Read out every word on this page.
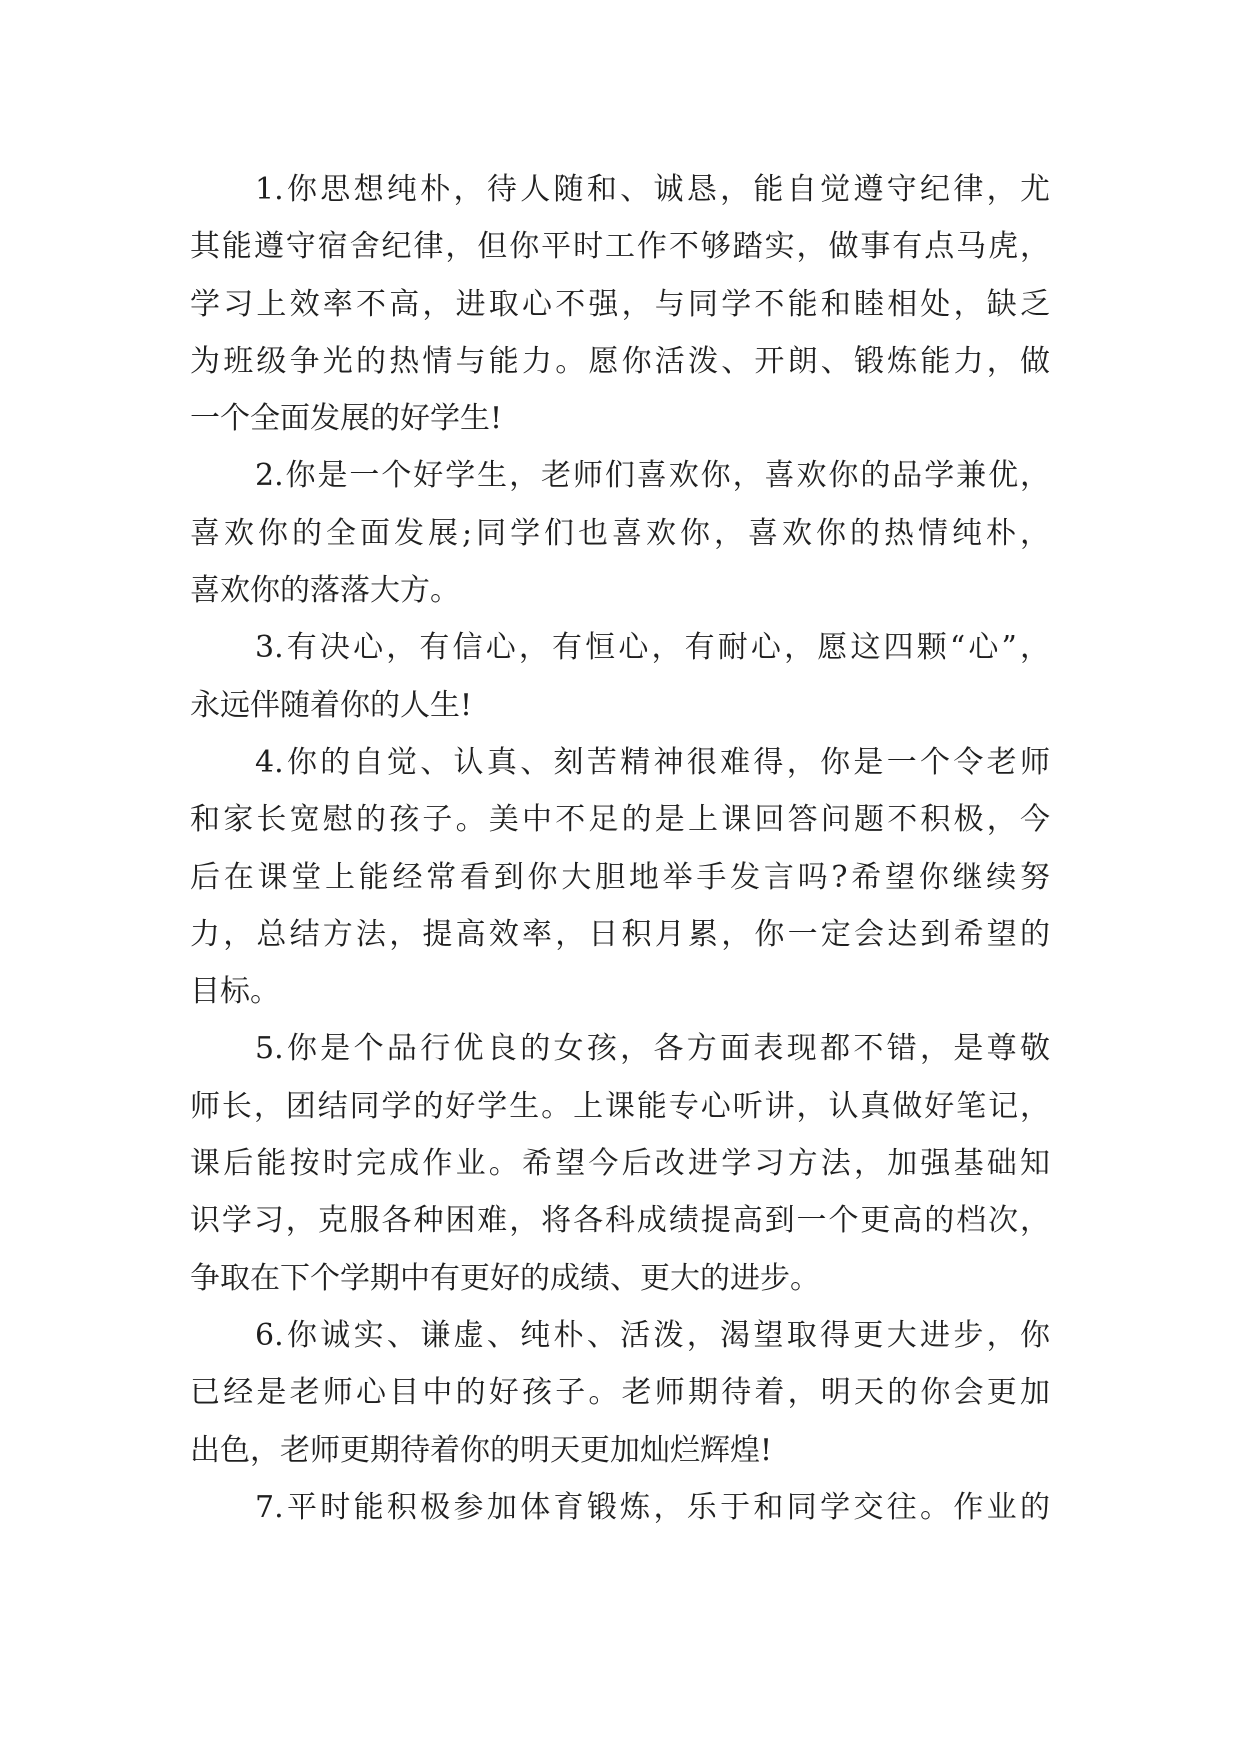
1.你思想纯朴，待人随和、诚恳，能自觉遵守纪律，尤
其能遵守宿舍纪律，但你平时工作不够踏实，做事有点马虎，
学习上效率不高，进取心不强，与同学不能和睦相处，缺乏
为班级争光的热情与能力。愿你活泼、开朗、锻炼能力，做
一个全面发展的好学生!
2.你是一个好学生，老师们喜欢你，喜欢你的品学兼优，
喜欢你的全面发展;同学们也喜欢你，喜欢你的热情纯朴，
喜欢你的落落大方。
3.有决心，有信心，有恒心，有耐心，愿这四颗“心”，
永远伴随着你的人生!
4.你的自觉、认真、刻苦精神很难得，你是一个令老师
和家长宽慰的孩子。美中不足的是上课回答问题不积极，今
后在课堂上能经常看到你大胆地举手发言吗?希望你继续努
力，总结方法，提高效率，日积月累，你一定会达到希望的
目标。
5.你是个品行优良的女孩，各方面表现都不错，是尊敬
师长，团结同学的好学生。上课能专心听讲，认真做好笔记，
课后能按时完成作业。希望今后改进学习方法，加强基础知
识学习，克服各种困难，将各科成绩提高到一个更高的档次，
争取在下个学期中有更好的成绩、更大的进步。
6.你诚实、谦虚、纯朴、活泼，渴望取得更大进步，你
已经是老师心目中的好孩子。老师期待着，明天的你会更加
出色，老师更期待着你的明天更加灿烂辉煌!
7.平时能积极参加体育锻炼，乐于和同学交往。作业的
